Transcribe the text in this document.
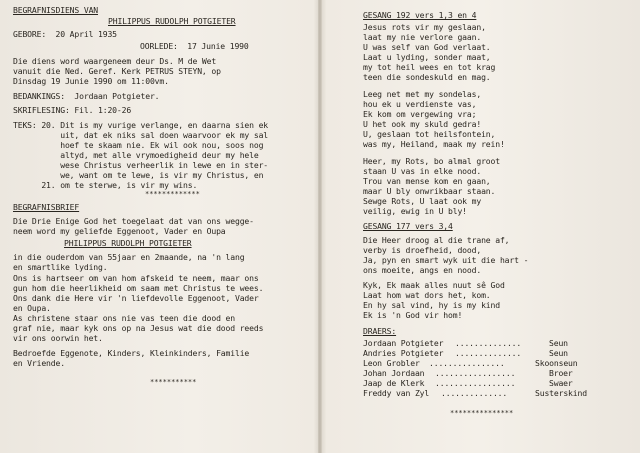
BEGRAFNISDIENS VAN
PHILIPPUS RUDOLPH POTGIETER
GEBORE:  20 April 1935
OORLEDE:  17 Junie 1990
Die diens word waargeneem deur Ds. M de Wet
vanuit die Ned. Geref. Kerk PETRUS STEYN, op
Dinsdag 19 Junie 1990 om 11:00vm.
BEDANKINGS:  Jordaan Potgieter.
SKRIFLESING: Fil. 1:20-26
TEKS: 20. Dit is my vurige verlange, en daarna sien ek
uit, dat ek niks sal doen waarvoor ek my sal
hoef te skaam nie. Ek wil ook nou, soos nog
altyd, met alle vrymoedigheid deur my hele
wese Christus verheerlik in lewe en in ster-
we, want om te lewe, is vir my Christus, en
21. om te sterwe, is vir my wins.
*************
BEGRAFNISBRIEF
Die Drie Enige God het toegelaat dat van ons wegge-
neem word my geliefde Eggenoot, Vader en Oupa
PHILIPPUS RUDOLPH POTGIETER
in die ouderdom van 55jaar en 2maande, na 'n lang
en smartlike lyding.
Ons is hartseer om van hom afskeid te neem, maar ons
gun hom die heerlikheid om saam met Christus te wees.
Ons dank die Here vir 'n liefdevolle Eggenoot, Vader
en Oupa.
As christene staar ons nie vas teen die dood en
graf nie, maar kyk ons op na Jesus wat die dood reeds
vir ons oorwin het.
Bedroefde Eggenote, Kinders, Kleinkinders, Familie
en Vriende.
***********
GESANG 192 vers 1,3 en 4
Jesus rots vir my geslaan,
laat my nie verlore gaan.
U was self van God verlaat.
Laat u lyding, sonder maat,
my tot heil wees en tot krag
teen die sondeskuld en mag.
Leeg net met my sondelas,
hou ek u verdienste vas,
Ek kom om vergewing vra;
U het ook my skuld gedra!
U, geslaan tot heilsfontein,
was my, Heiland, maak my rein!
Heer, my Rots, bo almal groot
staan U vas in elke nood.
Trou van mense kom en gaan,
maar U bly onwrikbaar staan.
Sewge Rots, U laat ook my
veilig, ewig in U bly!
GESANG 177 vers 3,4
Die Heer droog al die trane af,
verby is droefheid, dood,
Ja, pyn en smart wyk uit die hart -
ons moeite, angs en nood.
Kyk, Ek maak alles nuut sê God
Laat hom wat dors het, kom.
En hy sal vind, hy is my kind
Ek is 'n God vir hom!
DRAERS:
Jordaan Potgieter ..............	Seun
Andries Potgieter ..............	Seun
Leon Grobler ................	Skoonseun
Johan Jordaan .................	Broer
Jaap de Klerk .................	Swaer
Freddy van Zyl ..............	Susterskind
***************
